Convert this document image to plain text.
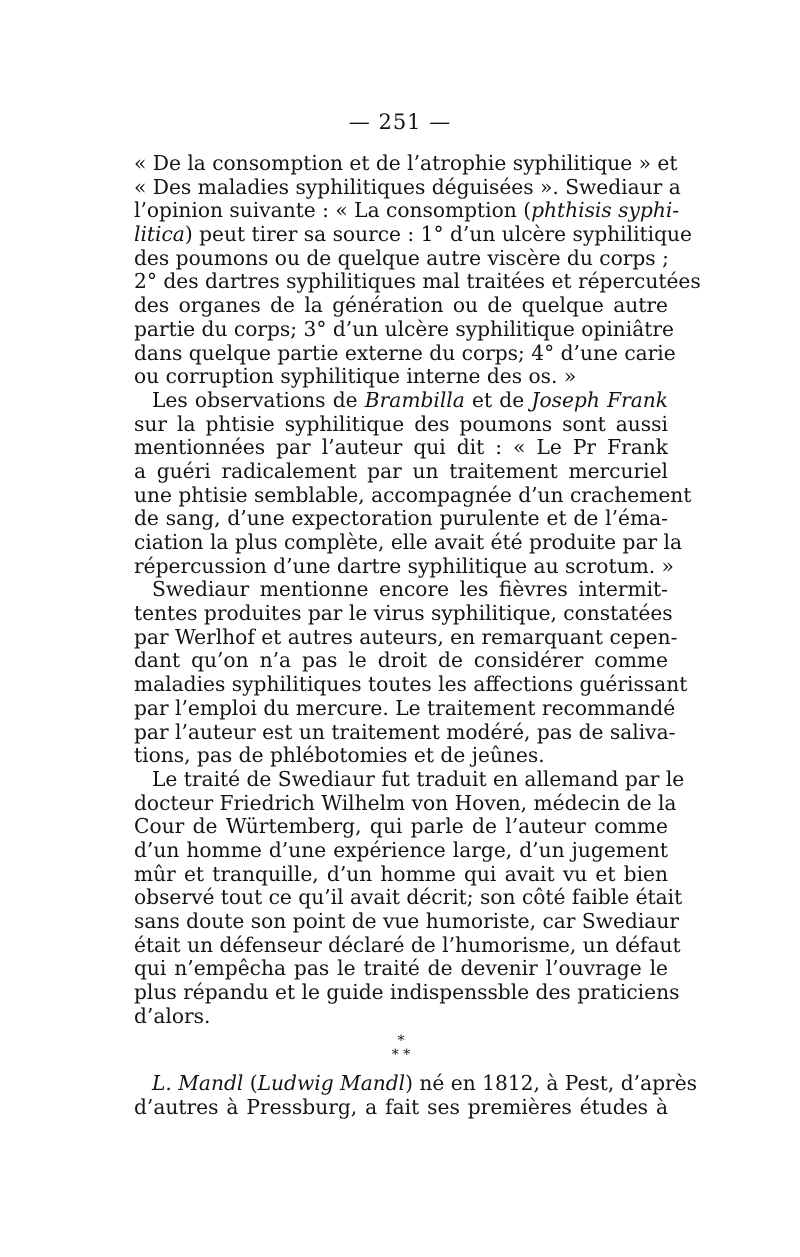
— 251 —
« De la consomption et de l’atrophie syphilitique » et
« Des maladies syphilitiques déguisées ». Swediaur a
l’opinion suivante : « La consomption (phthisis syphi-
litica) peut tirer sa source : 1° d’un ulcère syphilitique
des poumons ou de quelque autre viscère du corps ;
2° des dartres syphilitiques mal traitées et répercutées
des organes de la génération ou de quelque autre
partie du corps; 3° d’un ulcère syphilitique opiniâtre
dans quelque partie externe du corps; 4° d’une carie
ou corruption syphilitique interne des os. »
Les observations de Brambilla et de Joseph Frank
sur la phtisie syphilitique des poumons sont aussi
mentionnées par l’auteur qui dit : « Le Pr Frank
a guéri radicalement par un traitement mercuriel
une phtisie semblable, accompagnée d’un crachement
de sang, d’une expectoration purulente et de l’éma-
ciation la plus complète, elle avait été produite par la
répercussion d’une dartre syphilitique au scrotum. »
Swediaur mentionne encore les fièvres intermit-
tentes produites par le virus syphilitique, constatées
par Werlhof et autres auteurs, en remarquant cepen-
dant qu’on n’a pas le droit de considérer comme
maladies syphilitiques toutes les affections guérissant
par l’emploi du mercure. Le traitement recommandé
par l’auteur est un traitement modéré, pas de saliva-
tions, pas de phlébotomies et de jeûnes.
Le traité de Swediaur fut traduit en allemand par le
docteur Friedrich Wilhelm von Hoven, médecin de la
Cour de Würtemberg, qui parle de l’auteur comme
d’un homme d’une expérience large, d’un jugement
mûr et tranquille, d’un homme qui avait vu et bien
observé tout ce qu’il avait décrit; son côté faible était
sans doute son point de vue humoriste, car Swediaur
était un défenseur déclaré de l’humorisme, un défaut
qui n’empêcha pas le traité de devenir l’ouvrage le
plus répandu et le guide indispenssble des praticiens
d’alors.
*
* *
L. Mandl (Ludwig Mandl) né en 1812, à Pest, d’après
d’autres à Pressburg, a fait ses premières études à
